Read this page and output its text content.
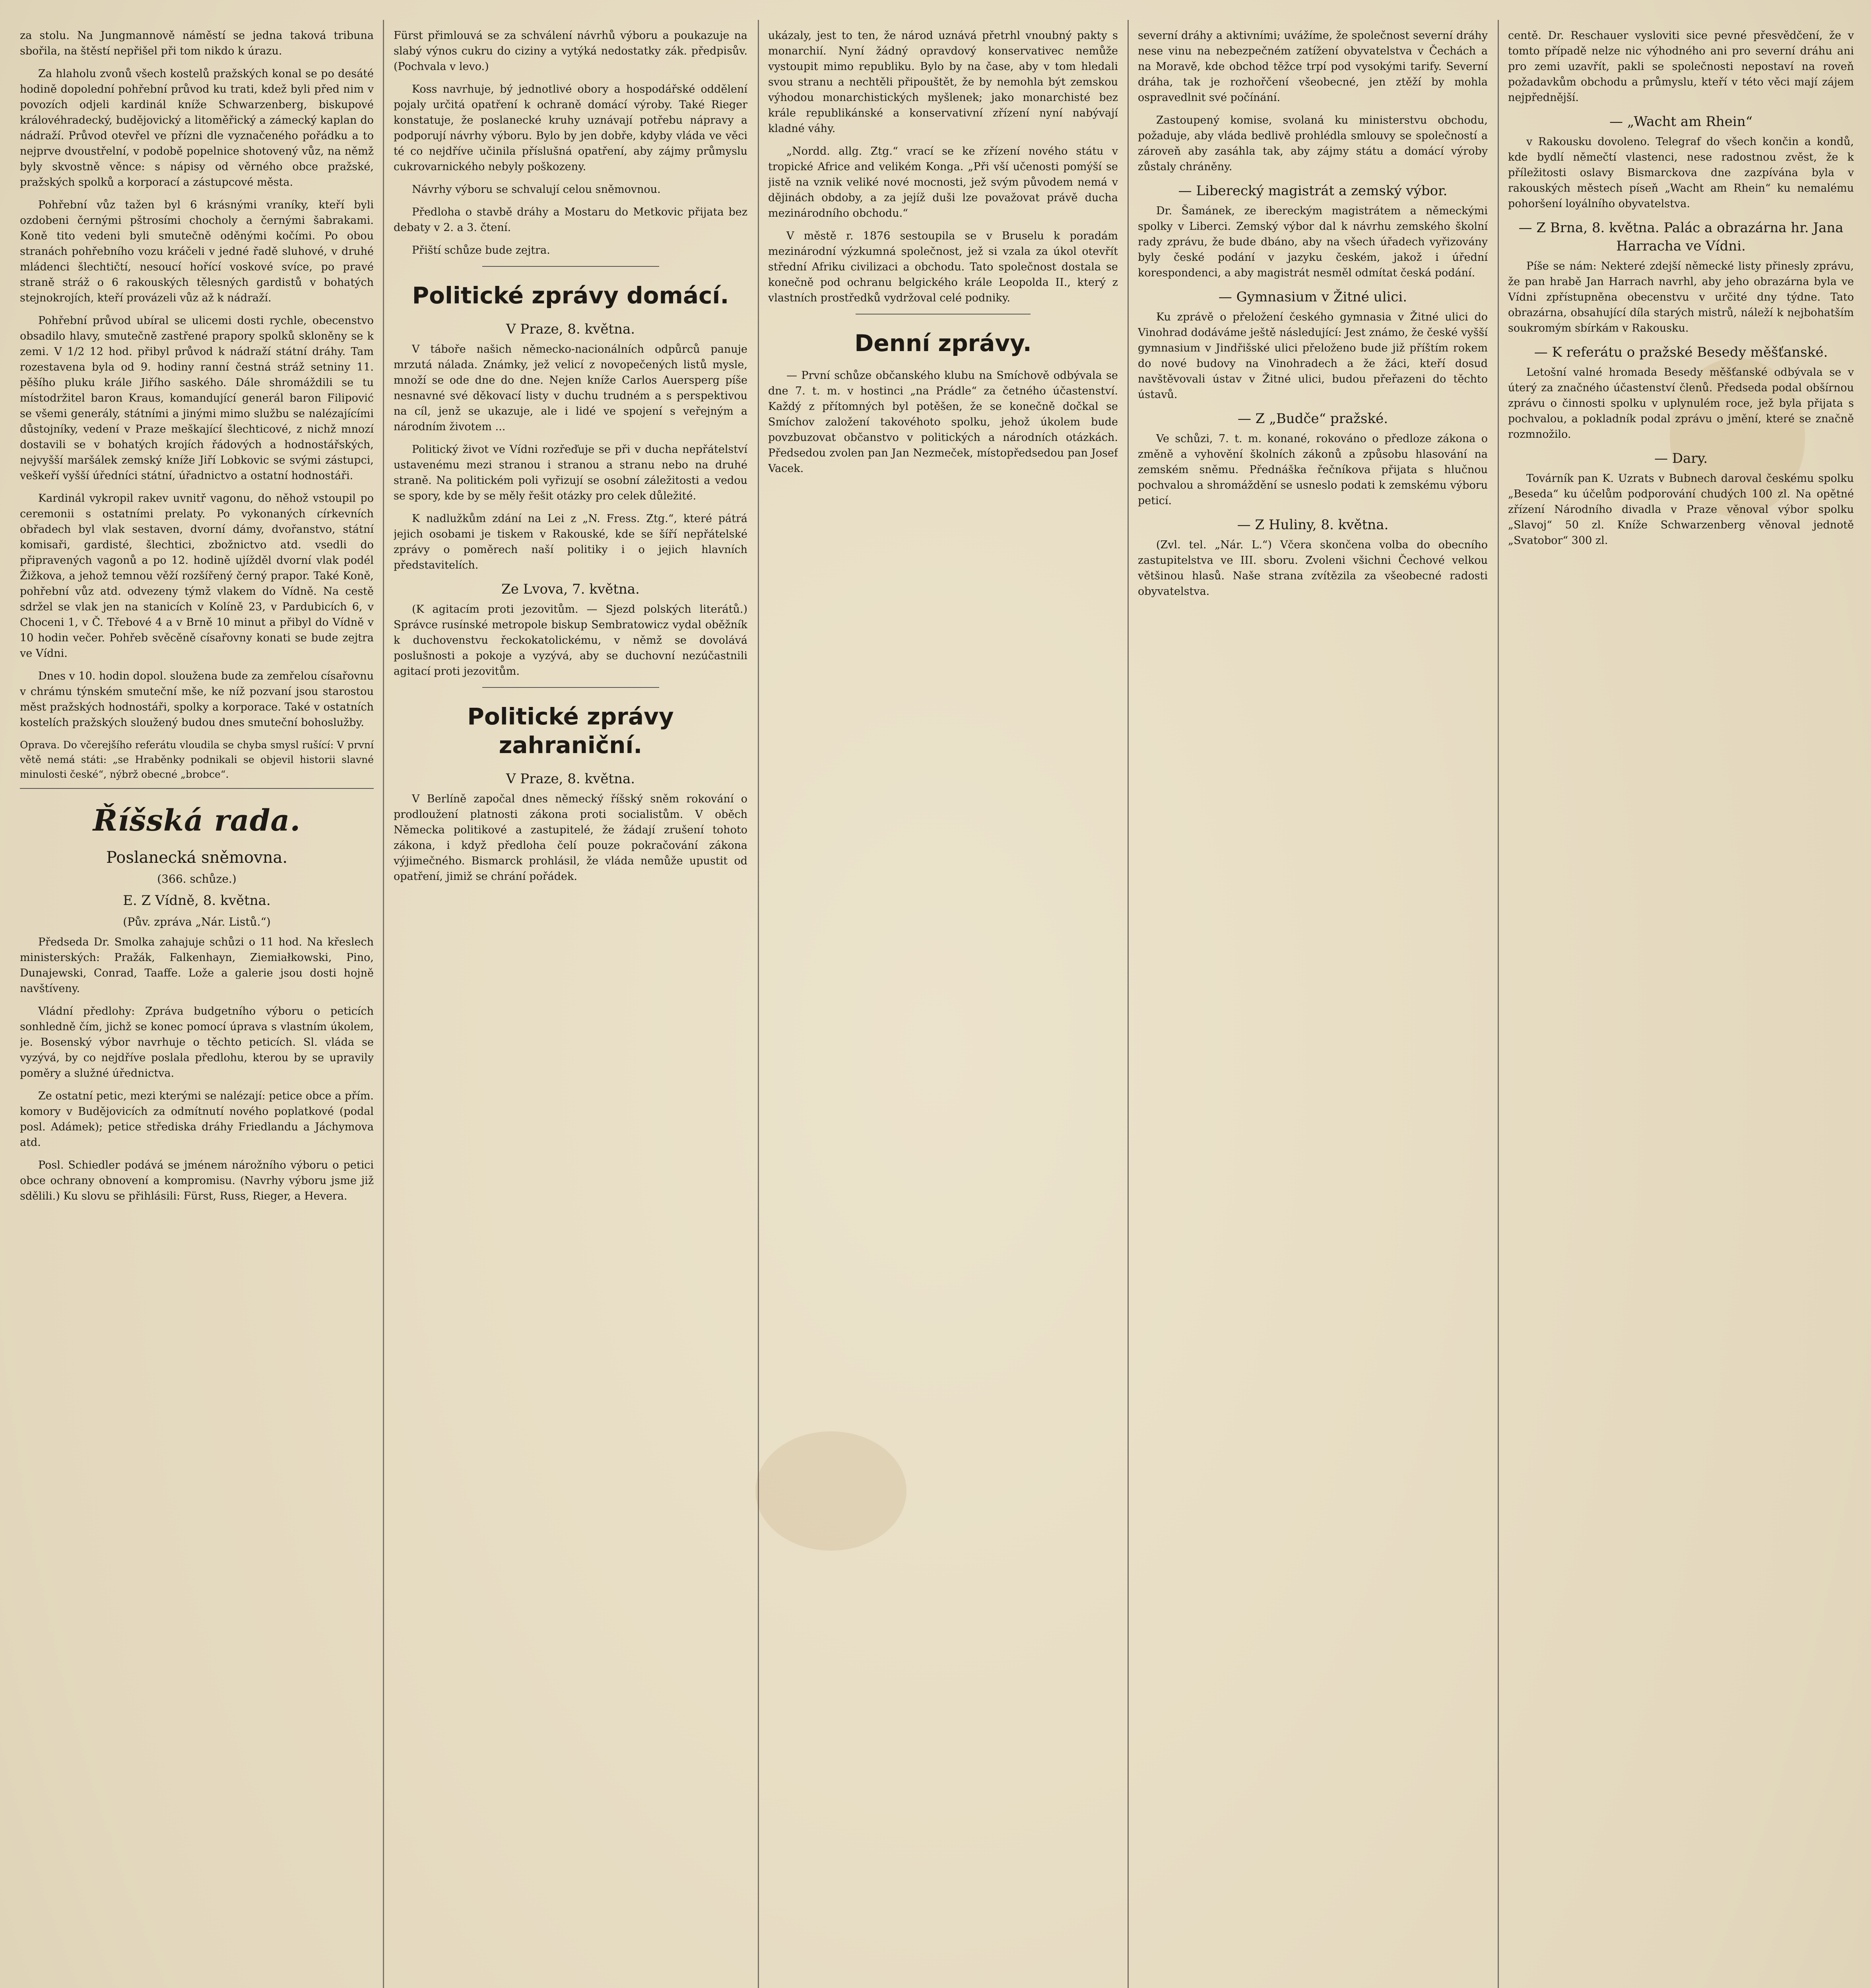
za stolu. Na Jungmannově náměstí se jedna taková tribuna sbořila, na štěstí nepřišel při tom nikdo k úrazu.

Za hlaholu zvonů všech kostelů pražských konal se po desáté hodině dopolední pohřební průvod ku trati, kdež byli před nim v povozích odjeli kardinál kníže Schwarzenberg, biskupové královéhradecký, budějovický a litoměřický a zámecký kaplan do nádraží. Průvod otevřel ve přízni dle vyznačeného pořádku a to nejprve dvoustřelní, v podobě popelnice shotovený vůz, na němž byly skvostně věnce: s nápisy od věrného obce pražské, pražských spolků a korporací a zástupcové města.

Pohřební vůz tažen byl 6 krásnými vraníky, kteří byli ozdobeni černými pštrosími chocholy a černými šabrakami. Koně tito vedeni byli smutečně oděnými kočími. Po obou stranách pohřebního vozu kráčeli v jedné řadě sluhové, v druhé mládenci šlechtičtí, nesoucí hořící voskové svíce, po pravé straně stráž o 6 rakouských tělesných gardistů v bohatých stejnokrojích, kteří provázeli vůz až k nádraží.

Pohřební průvod ubíral se ulicemi dosti rychle, obecenstvo obsadilo hlavy, smutečně zastřené prapory spolků skloněny se k zemi. V 1/2 12 hod. přibyl průvod k nádraží státní dráhy. Tam rozestavena byla od 9. hodiny ranní čestná stráž setniny 11. pěšího pluku krále Jiřího saského. Dále shromáždili se tu místodržitel baron Kraus, komandující generál baron Filipović se všemi generály, státními a jinými mimo službu se nalézajícími důstojníky, vedení v Praze meškající šlechticové, z nichž mnozí dostavili se v bohatých krojích řádových a hodnostářských, nejvyšší maršálek zemský kníže Jiří Lobkovic se svými zástupci, veškeří vyšší úředníci státní, úřadnictvo a ostatní hodnostáři.

Kardinál vykropil rakev uvnitř vagonu, do něhož vstoupil po ceremonii s ostatními prelaty. Po vykonaných církevních obřadech byl vlak sestaven, dvorní dámy, dvořanstvo, státní komisaři, gardisté, šlechtici, zbožnictvo atd. vsedli do připravených vagonů a po 12. hodině ujížděl dvorní vlak podél Žižkova, a jehož temnou věží rozšířený černý prapor. Také Koně, pohřební vůz atd. odvezeny týmž vlakem do Vídně. Na cestě sdržel se vlak jen na stanicích v Kolíně 23, v Pardubicích 6, v Choceni 1, v Č. Třebové 4 a v Brně 10 minut a přibyl do Vídně v 10 hodin večer. Pohřeb svěcěně císařovny konati se bude zejtra ve Vídni.

Dnes v 10. hodin dopol. sloužena bude za zemřelou císařovnu v chrámu týnském smuteční mše, ke níž pozvaní jsou starostou měst pražských hodnostáři, spolky a korporace. Také v ostatních kostelích pražských sloužený budou dnes smuteční bohoslužby.

Oprava. Do včerejšího referátu vloudila se chyba smysl rušící: V první větě nemá státi: „se Hraběnky podnikali se objevil historii slavné minulosti české“, nýbrž obecné „brobce“.
Říšská rada.
Poslanecká sněmovna.
(366. schůze.)
E. Z Vídně, 8. května.
(Pův. zpráva „Nár. Listů.“)

Předseda Dr. Smolka zahajuje schůzi o 11 hod. Na křeslech ministerských: Pražák, Falkenhayn, Ziemiałkowski, Pino, Dunajewski, Conrad, Taaffe. Lože a galerie jsou dosti hojně navštíveny.

Vládní předlohy: Zpráva budgetního výboru o peticích sonhledně čím, jichž se konec pomocí úprava s vlastním úkolem, je. Bosenský výbor navrhuje o těchto peticích. Sl. vláda se vyzývá, by co nejdříve poslala předlohu, kterou by se upravily poměry a služné úřednictva.

Ze ostatní petic, mezi kterými se nalézají: petice obce a přím. komory v Budějovicích za odmítnutí nového poplatkové (podal posl. Adámek); petice střediska dráhy Friedlandu a Jáchymova atd.

Posl. Schiedler podává se jménem nárožního výboru o petici obce ochrany obnovení a kompromisu. (Navrhy výboru jsme již sdělili.) Ku slovu se přihlásili: Fürst, Russ, Rieger, a Hevera.

Fürst přimlouvá se za schválení návrhů výboru a poukazuje na slabý výnos cukru do ciziny a vytýká nedostatky zák. předpisův. (Pochvala v levo.)

Koss navrhuje, bý jednotlivé obory a hospodářské oddělení pojaly určitá opatření k ochraně domácí výroby. Také Rieger konstatuje, že poslanecké kruhy uznávají potřebu nápravy a podporují návrhy výboru. Bylo by jen dobře, kdyby vláda ve věci té co nejdříve učinila příslušná opatření, aby zájmy průmyslu cukrovarnického nebyly poškozeny.

Návrhy výboru se schvalují celou sněmovnou.

Předloha o stavbě dráhy a Mostaru do Metkovic přijata bez debaty v 2. a 3. čtení.

Přiští schůze bude zejtra.

Politické zprávy domácí.
V Praze, 8. května.

V táboře našich německo-nacionálních odpůrců panuje mrzutá nálada. Známky, jež velicí z novopečených listů mysle, množí se ode dne do dne. Nejen kníže Carlos Auersperg píše nesnavné své děkovací listy v duchu trudném a s perspektivou na cíl, jenž se ukazuje, ale i lidé ve spojení s veřejným a národním životem ...

Politický život ve Vídni rozřeďuje se při v ducha nepřátelství ustavenému mezi stranou i stranou a stranu nebo na druhé straně. Na politickém poli vyřizují se osobní záležitosti a vedou se spory, kde by se měly řešit otázky pro celek důležité.

K nadlužkům zdání na Lei z „N. Fress. Ztg.“, které pátrá jejich osobami je tiskem v Rakouské, kde se šíří nepřátelské zprávy o poměrech naší politiky i o jejich hlavních představitelích.

Ze Lvova, 7. května.

(K agitacím proti jezovitům. — Sjezd polských literátů.) Správce rusínské metropole biskup Sembratowicz vydal oběžník k duchovenstvu řeckokatolickému, v němž se dovolává poslušnosti a pokoje a vyzývá, aby se duchovní nezúčastnili agitací proti jezovitům.

Politické zprávy zahraniční.
V Praze, 8. května.

V Berlíně započal dnes německý říšský sněm rokování o prodloužení platnosti zákona proti socialistům. V oběch Německa politikové a zastupitelé, že žádají zrušení tohoto zákona, i když předloha čelí pouze pokračování zákona výjimečného. Bismarck prohlásil, že vláda nemůže upustit od opatření, jimiž se chrání pořádek.

ukázaly, jest to ten, že národ uznává přetrhl vnoubný pakty s monarchií. Nyní žádný opravdový konservativec nemůže vystoupit mimo republiku. Bylo by na čase, aby v tom hledali svou stranu a nechtěli připouštět, že by nemohla být zemskou výhodou monarchistických myšlenek; jako monarchisté bez krále republikánské a konservativní zřízení nyní nabývají kladné váhy.

„Nordd. allg. Ztg.“ vrací se ke zřízení nového státu v tropické Africe and velikém Konga. „Při vší učenosti pomýší se jistě na vznik veliké nové mocnosti, jež svým původem nemá v dějinách obdoby, a za jejíž duši lze považovat právě ducha mezinárodního obchodu.“

V městě r. 1876 sestoupila se v Bruselu k poradám mezinárodní výzkumná společnost, jež si vzala za úkol otevřít střední Afriku civilizaci a obchodu. Tato společnost dostala se konečně pod ochranu belgického krále Leopolda II., který z vlastních prostředků vydržoval celé podniky.

Denní zprávy.

— První schůze občanského klubu na Smíchově odbývala se dne 7. t. m. v hostinci „na Prádle“ za četného účastenství. Každý z přítomných byl potěšen, že se konečně dočkal se Smíchov založení takovéhoto spolku, jehož úkolem bude povzbuzovat občanstvo v politických a národních otázkách. Předsedou zvolen pan Jan Nezmeček, místopředsedou pan Josef Vacek.

severní dráhy a aktivními; uvážíme, že společnost severní dráhy nese vinu na nebezpečném zatížení obyvatelstva v Čechách a na Moravě, kde obchod těžce trpí pod vysokými tarify. Severní dráha, tak je rozhořčení všeobecné, jen ztěží by mohla ospravedlnit své počínání.

Zastoupený komise, svolaná ku ministerstvu obchodu, požaduje, aby vláda bedlivě prohlédla smlouvy se společností a zároveň aby zasáhla tak, aby zájmy státu a domácí výroby zůstaly chráněny.

— Liberecký magistrát a zemský výbor.

Dr. Šamánek, ze ibereckým magistrátem a německými spolky v Liberci. Zemský výbor dal k návrhu zemského školní rady zprávu, že bude dbáno, aby na všech úřadech vyřizovány byly české podání v jazyku českém, jakož i úřední korespondenci, a aby magistrát nesměl odmítat česká podání.

— Gymnasium v Žitné ulici.

Ku zprávě o přeložení českého gymnasia v Žitné ulici do Vinohrad dodáváme ještě následující: Jest známo, že české vyšší gymnasium v Jindřišské ulici přeloženo bude již příštím rokem do nové budovy na Vinohradech a že žáci, kteří dosud navštěvovali ústav v Žitné ulici, budou přeřazeni do těchto ústavů.

— Z „Budče“ pražské.

Ve schůzi, 7. t. m. konané, rokováno o předloze zákona o změně a vyhovění školních zákonů a způsobu hlasování na zemském sněmu. Přednáška řečníkova přijata s hlučnou pochvalou a shromáždění se usneslo podati k zemskému výboru peticí.

— Z Huliny, 8. května.

(Zvl. tel. „Nár. L.“) Včera skončena volba do obecního zastupitelstva ve III. sboru. Zvoleni všichni Čechové velkou většinou hlasů. Naše strana zvítězila za všeobecné radosti obyvatelstva.

centě. Dr. Reschauer vysloviti sice pevné přesvědčení, že v tomto případě nelze nic výhodného ani pro severní dráhu ani pro zemi uzavřít, pakli se společnosti nepostaví na roveň požadavkům obchodu a průmyslu, kteří v této věci mají zájem nejpřednější.

— „Wacht am Rhein“

v Rakousku dovoleno. Telegraf do všech končin a kondů, kde bydlí němečtí vlastenci, nese radostnou zvěst, že k příležitosti oslavy Bismarckova dne zazpívána byla v rakouských městech píseň „Wacht am Rhein“ ku nemalému pohoršení loyálního obyvatelstva.

— Z Brna, 8. května. Palác a obrazárna hr. Jana Harracha ve Vídni.

Píše se nám: Nekteré zdejší německé listy přinesly zprávu, že pan hrabě Jan Harrach navrhl, aby jeho obrazárna byla ve Vídni zpřístupněna obecenstvu v určité dny týdne. Tato obrazárna, obsahující díla starých mistrů, náleží k nejbohatším soukromým sbírkám v Rakousku.

— K referátu o pražské Besedy měšťanské.

Letošní valné hromada Besedy měšťanské odbývala se v úterý za značného účastenství členů. Předseda podal obšírnou zprávu o činnosti spolku v uplynulém roce, jež byla přijata s pochvalou, a pokladník podal zprávu o jmění, které se značně rozmnožilo.

— Dary.

Továrník pan K. Uzrats v Bubnech daroval českému spolku „Beseda“ ku účelům podporování chudých 100 zl. Na opětné zřízení Národního divadla v Praze věnoval výbor spolku „Slavoj“ 50 zl. Kníže Schwarzenberg věnoval jednotě „Svatobor“ 300 zl.
